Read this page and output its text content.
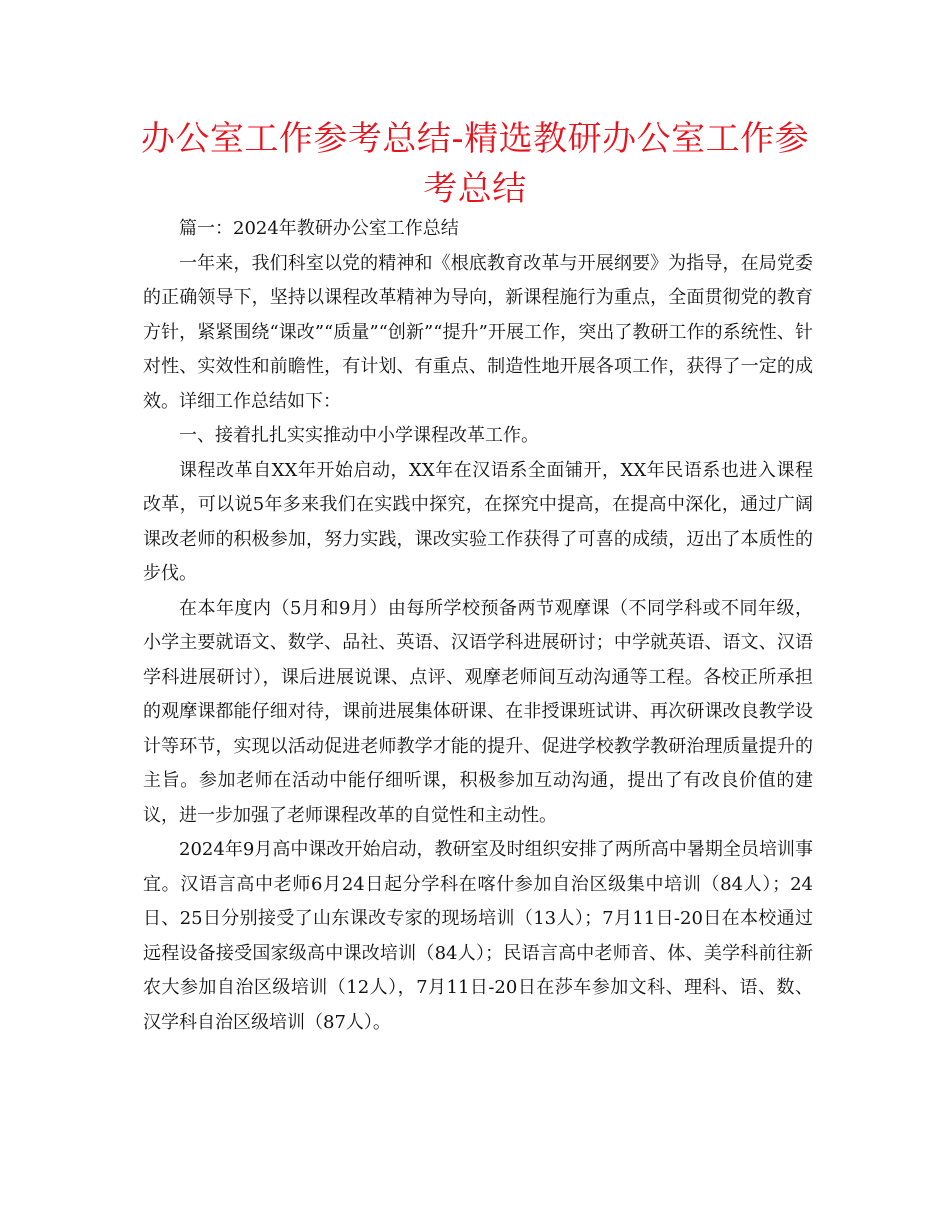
办公室工作参考总结-精选教研办公室工作参考总结

篇一：2024年教研办公室工作总结

一年来，我们科室以党的精神和《根底教育改革与开展纲要》为指导，在局党委的正确领导下，坚持以课程改革精神为导向，新课程施行为重点，全面贯彻党的教育方针，紧紧围绕“课改”“质量”“创新”“提升”开展工作，突出了教研工作的系统性、针对性、实效性和前瞻性，有计划、有重点、制造性地开展各项工作，获得了一定的成效。详细工作总结如下：

一、接着扎扎实实推动中小学课程改革工作。

课程改革自XX年开始启动，XX年在汉语系全面铺开，XX年民语系也进入课程改革，可以说5年多来我们在实践中探究，在探究中提高，在提高中深化，通过广阔课改老师的积极参加，努力实践，课改实验工作获得了可喜的成绩，迈出了本质性的步伐。

在本年度内（5月和9月）由每所学校预备两节观摩课（不同学科或不同年级，小学主要就语文、数学、品社、英语、汉语学科进展研讨；中学就英语、语文、汉语学科进展研讨），课后进展说课、点评、观摩老师间互动沟通等工程。各校正所承担的观摩课都能仔细对待，课前进展集体研课、在非授课班试讲、再次研课改良教学设计等环节，实现以活动促进老师教学才能的提升、促进学校教学教研治理质量提升的主旨。参加老师在活动中能仔细听课，积极参加互动沟通，提出了有改良价值的建议，进一步加强了老师课程改革的自觉性和主动性。

2024年9月高中课改开始启动，教研室及时组织安排了两所高中暑期全员培训事宜。汉语言高中老师6月24日起分学科在喀什参加自治区级集中培训（84人）；24日、25日分别接受了山东课改专家的现场培训（13人）；7月11日-20日在本校通过远程设备接受国家级高中课改培训（84人）；民语言高中老师音、体、美学科前往新农大参加自治区级培训（12人），7月11日-20日在莎车参加文科、理科、语、数、汉学科自治区级培训（87人）。
